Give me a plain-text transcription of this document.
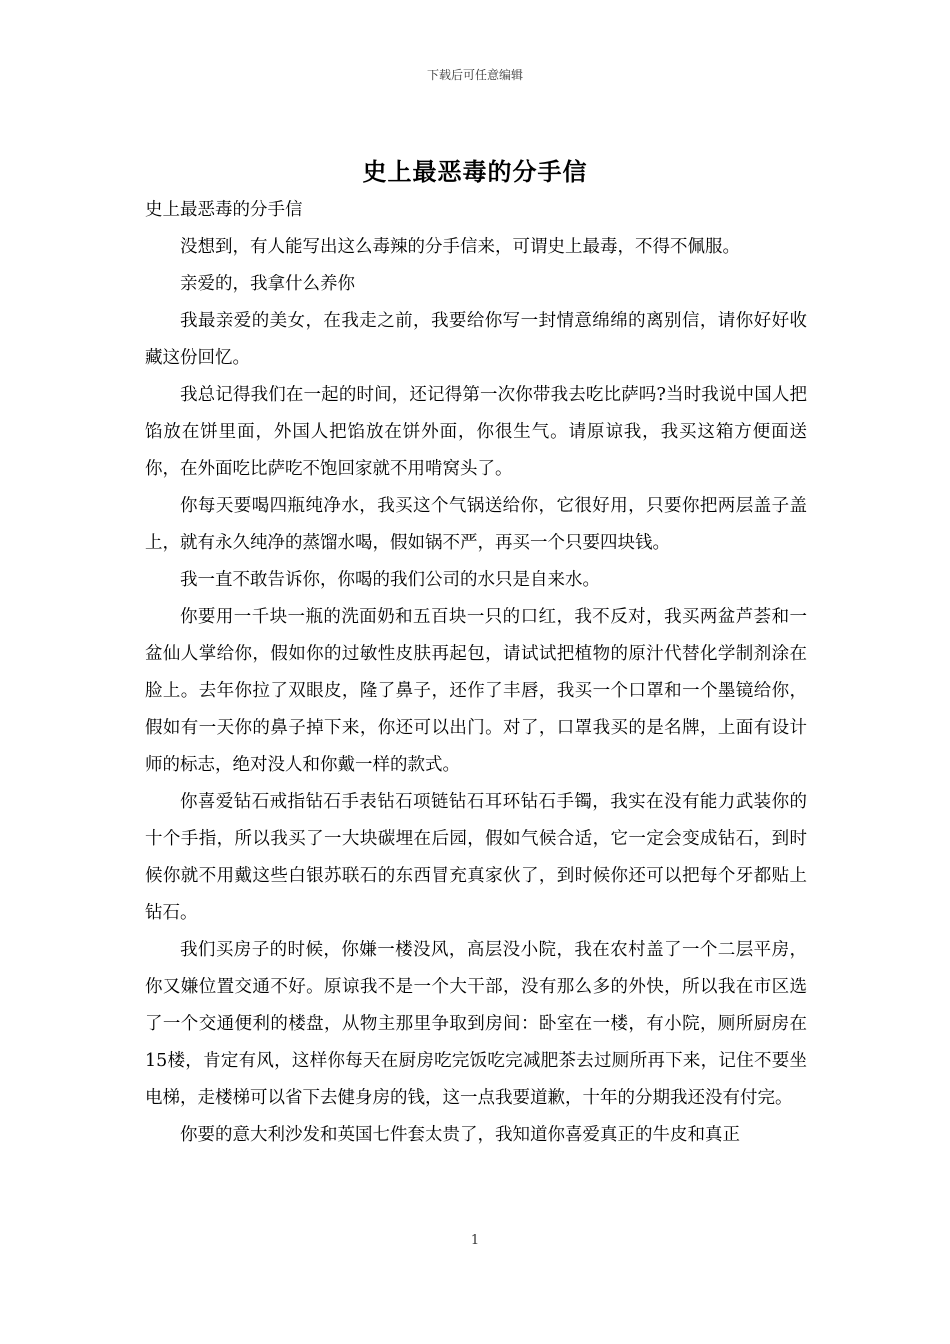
下载后可任意编辑
史上最恶毒的分手信

史上最恶毒的分手信

没想到，有人能写出这么毒辣的分手信来，可谓史上最毒，不得不佩服。

亲爱的，我拿什么养你

我最亲爱的美女，在我走之前，我要给你写一封情意绵绵的离别信，请你好好收藏这份回忆。

我总记得我们在一起的时间，还记得第一次你带我去吃比萨吗?当时我说中国人把馅放在饼里面，外国人把馅放在饼外面，你很生气。请原谅我，我买这箱方便面送你，在外面吃比萨吃不饱回家就不用啃窝头了。

你每天要喝四瓶纯净水，我买这个气锅送给你，它很好用，只要你把两层盖子盖上，就有永久纯净的蒸馏水喝，假如锅不严，再买一个只要四块钱。

我一直不敢告诉你，你喝的我们公司的水只是自来水。

你要用一千块一瓶的洗面奶和五百块一只的口红，我不反对，我买两盆芦荟和一盆仙人掌给你，假如你的过敏性皮肤再起包，请试试把植物的原汁代替化学制剂涂在脸上。去年你拉了双眼皮，隆了鼻子，还作了丰唇，我买一个口罩和一个墨镜给你，假如有一天你的鼻子掉下来，你还可以出门。对了，口罩我买的是名牌，上面有设计师的标志，绝对没人和你戴一样的款式。

你喜爱钻石戒指钻石手表钻石项链钻石耳环钻石手镯，我实在没有能力武装你的十个手指，所以我买了一大块碳埋在后园，假如气候合适，它一定会变成钻石，到时候你就不用戴这些白银苏联石的东西冒充真家伙了，到时候你还可以把每个牙都贴上钻石。

我们买房子的时候，你嫌一楼没风，高层没小院，我在农村盖了一个二层平房，你又嫌位置交通不好。原谅我不是一个大干部，没有那么多的外快，所以我在市区选了一个交通便利的楼盘，从物主那里争取到房间：卧室在一楼，有小院，厕所厨房在15楼，肯定有风，这样你每天在厨房吃完饭吃完减肥茶去过厕所再下来，记住不要坐电梯，走楼梯可以省下去健身房的钱，这一点我要道歉，十年的分期我还没有付完。

你要的意大利沙发和英国七件套太贵了，我知道你喜爱真正的牛皮和真正

1
